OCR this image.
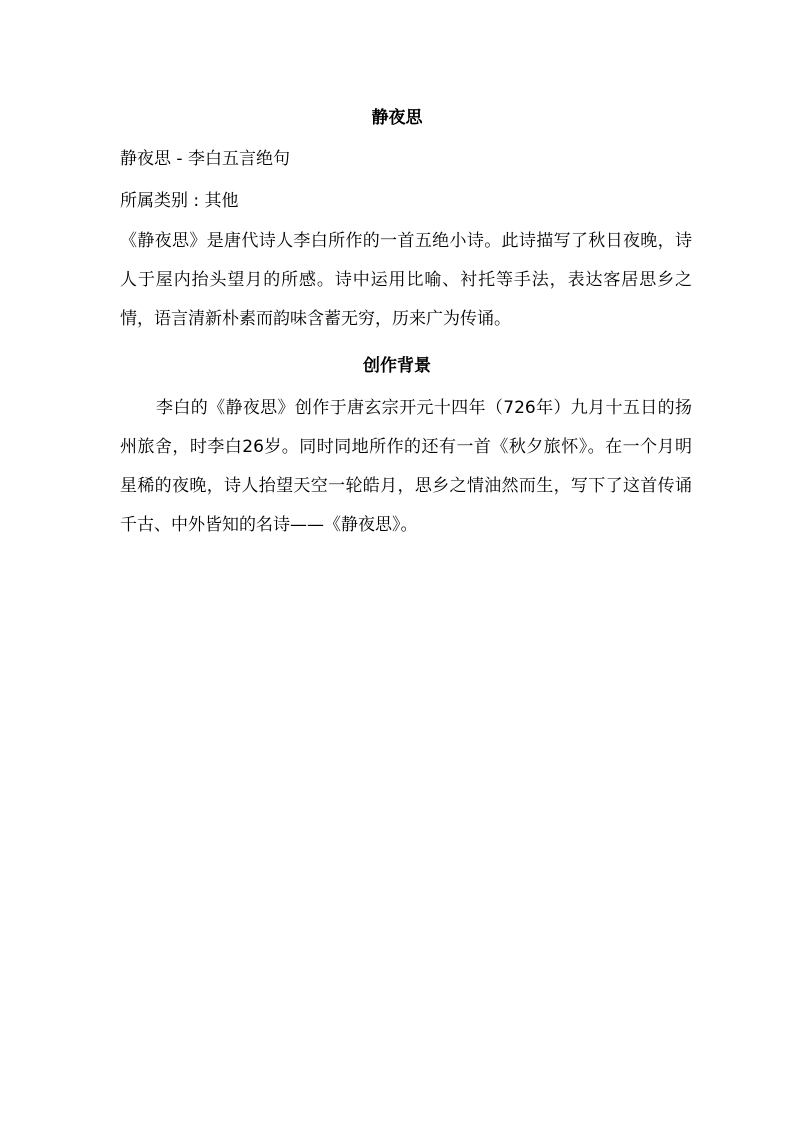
静夜思
静夜思 - 李白五言绝句
所属类别 : 其他
《静夜思》是唐代诗人李白所作的一首五绝小诗。此诗描写了秋日夜晚，诗人于屋内抬头望月的所感。诗中运用比喻、衬托等手法，表达客居思乡之情，语言清新朴素而韵味含蓄无穷，历来广为传诵。
创作背景
李白的《静夜思》创作于唐玄宗开元十四年（726年）九月十五日的扬州旅舍，时李白26岁。同时同地所作的还有一首《秋夕旅怀》。在一个月明星稀的夜晚，诗人抬望天空一轮皓月，思乡之情油然而生，写下了这首传诵千古、中外皆知的名诗——《静夜思》。
